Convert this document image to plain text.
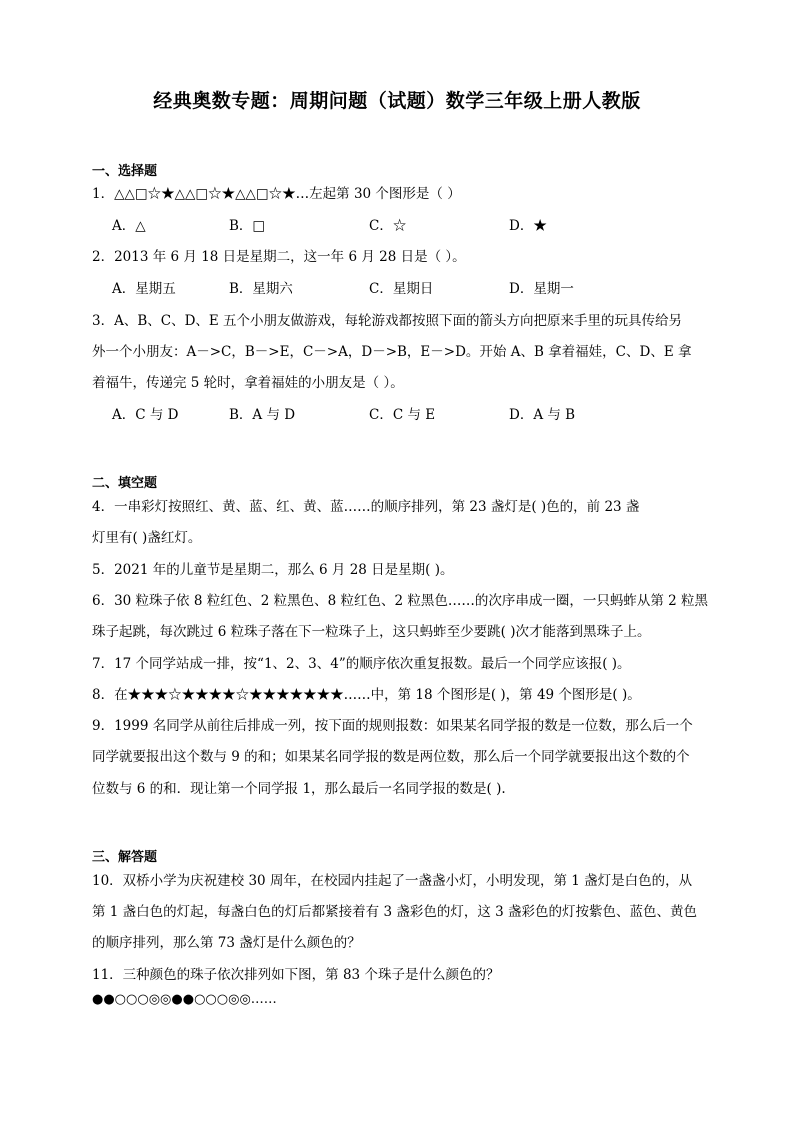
经典奥数专题：周期问题（试题）数学三年级上册人教版
一、选择题
1．△△□☆★△△□☆★△△□☆★…左起第 30 个图形是（ ）
A．△	B．□	C．☆	D．★
2．2013 年 6 月 18 日是星期二，这一年 6 月 28 日是（ ）。
A．星期五	B．星期六	C．星期日	D．星期一
3．A、B、C、D、E 五个小朋友做游戏，每轮游戏都按照下面的箭头方向把原来手里的玩具传给另
外一个小朋友：A－>C，B－>E，C－>A，D－>B，E－>D。开始 A、B 拿着福娃，C、D、E 拿
着福牛，传递完 5 轮时，拿着福娃的小朋友是（ ）。
A．C 与 D	B．A 与 D	C．C 与 E	D．A 与 B
二、填空题
4．一串彩灯按照红、黄、蓝、红、黄、蓝……的顺序排列，第 23 盏灯是( )色的，前 23 盏
灯里有( )盏红灯。
5．2021 年的儿童节是星期二，那么 6 月 28 日是星期( )。
6．30 粒珠子依 8 粒红色、2 粒黑色、8 粒红色、2 粒黑色……的次序串成一圈，一只蚂蚱从第 2 粒黑
珠子起跳，每次跳过 6 粒珠子落在下一粒珠子上，这只蚂蚱至少要跳( )次才能落到黑珠子上。
7．17 个同学站成一排，按“1、2、3、4”的顺序依次重复报数。最后一个同学应该报( )。
8．在★★★☆★★★★☆★★★★★★★……中，第 18 个图形是( )，第 49 个图形是( )。
9．1999 名同学从前往后排成一列，按下面的规则报数：如果某名同学报的数是一位数，那么后一个
同学就要报出这个数与 9 的和；如果某名同学报的数是两位数，那么后一个同学就要报出这个数的个
位数与 6 的和．现让第一个同学报 1，那么最后一名同学报的数是( ).
三、解答题
10．双桥小学为庆祝建校 30 周年，在校园内挂起了一盏盏小灯，小明发现，第 1 盏灯是白色的，从
第 1 盏白色的灯起，每盏白色的灯后都紧接着有 3 盏彩色的灯，这 3 盏彩色的灯按紫色、蓝色、黄色
的顺序排列，那么第 73 盏灯是什么颜色的？
11．三种颜色的珠子依次排列如下图，第 83 个珠子是什么颜色的？
●●○○○◎◎●●○○○◎◎……
